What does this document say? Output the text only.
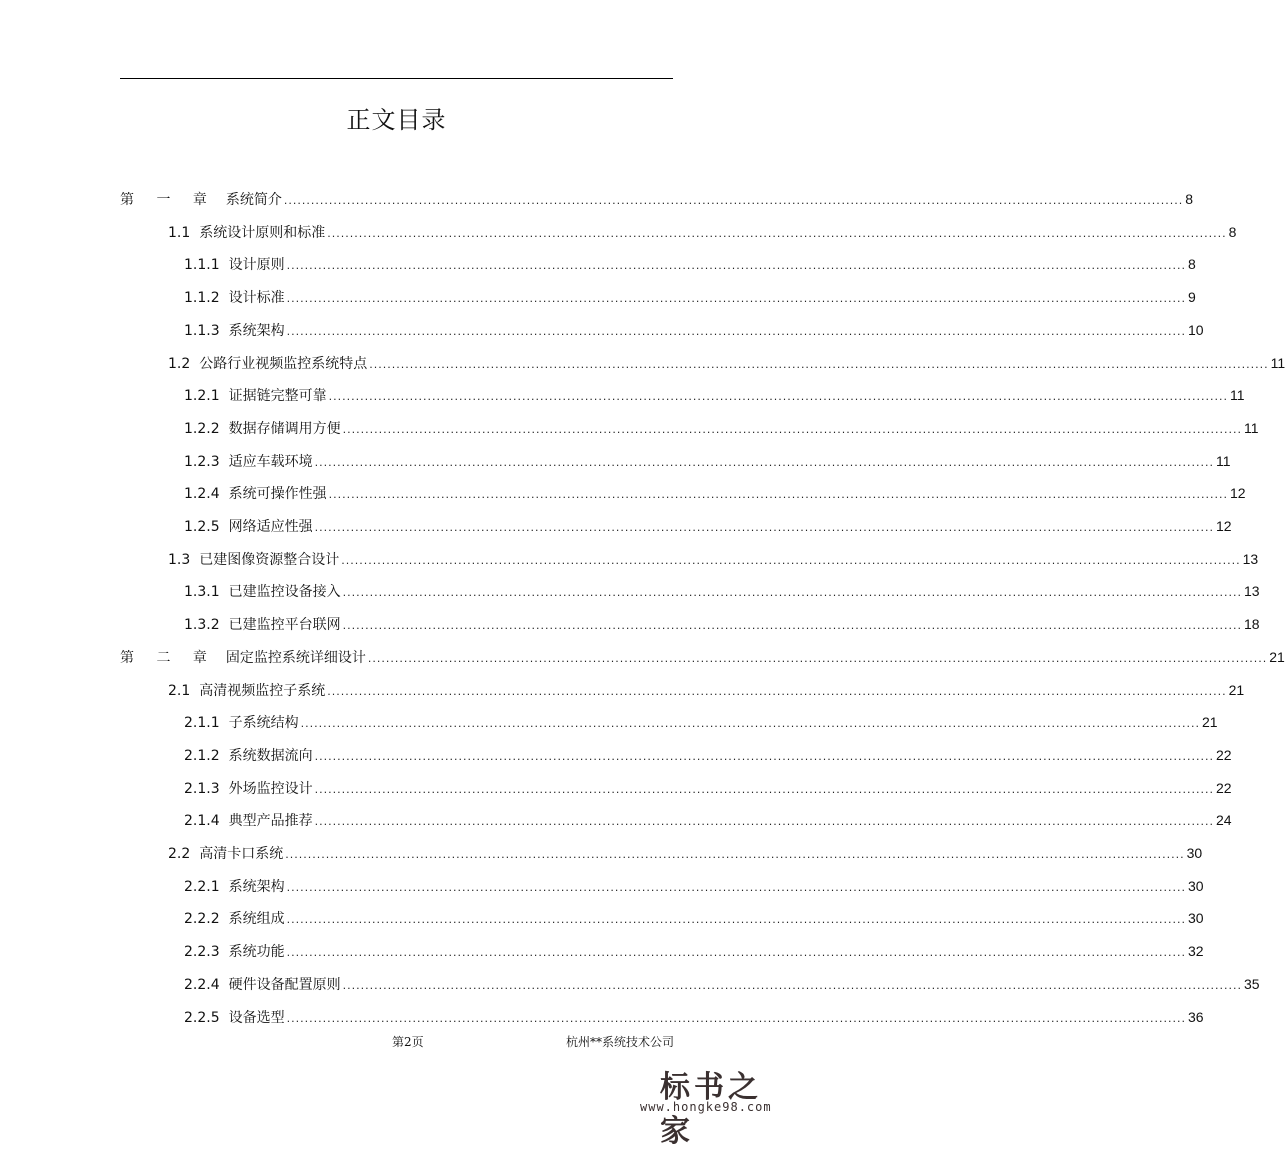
正文目录
第 一 章 系统简介 ........................................................................................................................................................................................................ 8
1.1 系统设计原则和标准 ........................................................................................................................................................................................................ 8
1.1.1 设计原则 ........................................................................................................................................................................................................ 8
1.1.2 设计标准 ........................................................................................................................................................................................................ 9
1.1.3 系统架构 ........................................................................................................................................................................................................ 10
1.2 公路行业视频监控系统特点 ........................................................................................................................................................................................................ 11
1.2.1 证据链完整可靠 ........................................................................................................................................................................................................ 11
1.2.2 数据存储调用方便 ........................................................................................................................................................................................................ 11
1.2.3 适应车载环境 ........................................................................................................................................................................................................ 11
1.2.4 系统可操作性强 ........................................................................................................................................................................................................ 12
1.2.5 网络适应性强 ........................................................................................................................................................................................................ 12
1.3 已建图像资源整合设计 ........................................................................................................................................................................................................ 13
1.3.1 已建监控设备接入 ........................................................................................................................................................................................................ 13
1.3.2 已建监控平台联网 ........................................................................................................................................................................................................ 18
第 二 章 固定监控系统详细设计 ........................................................................................................................................................................................................ 21
2.1 高清视频监控子系统 ........................................................................................................................................................................................................ 21
2.1.1 子系统结构 ........................................................................................................................................................................................................ 21
2.1.2 系统数据流向 ........................................................................................................................................................................................................ 22
2.1.3 外场监控设计 ........................................................................................................................................................................................................ 22
2.1.4 典型产品推荐 ........................................................................................................................................................................................................ 24
2.2 高清卡口系统 ........................................................................................................................................................................................................ 30
2.2.1 系统架构 ........................................................................................................................................................................................................ 30
2.2.2 系统组成 ........................................................................................................................................................................................................ 30
2.2.3 系统功能 ........................................................................................................................................................................................................ 32
2.2.4 硬件设备配置原则 ........................................................................................................................................................................................................ 35
2.2.5 设备选型 ........................................................................................................................................................................................................ 36
第2页	杭州**系统技术公司
标书之家
www.hongke98.com
